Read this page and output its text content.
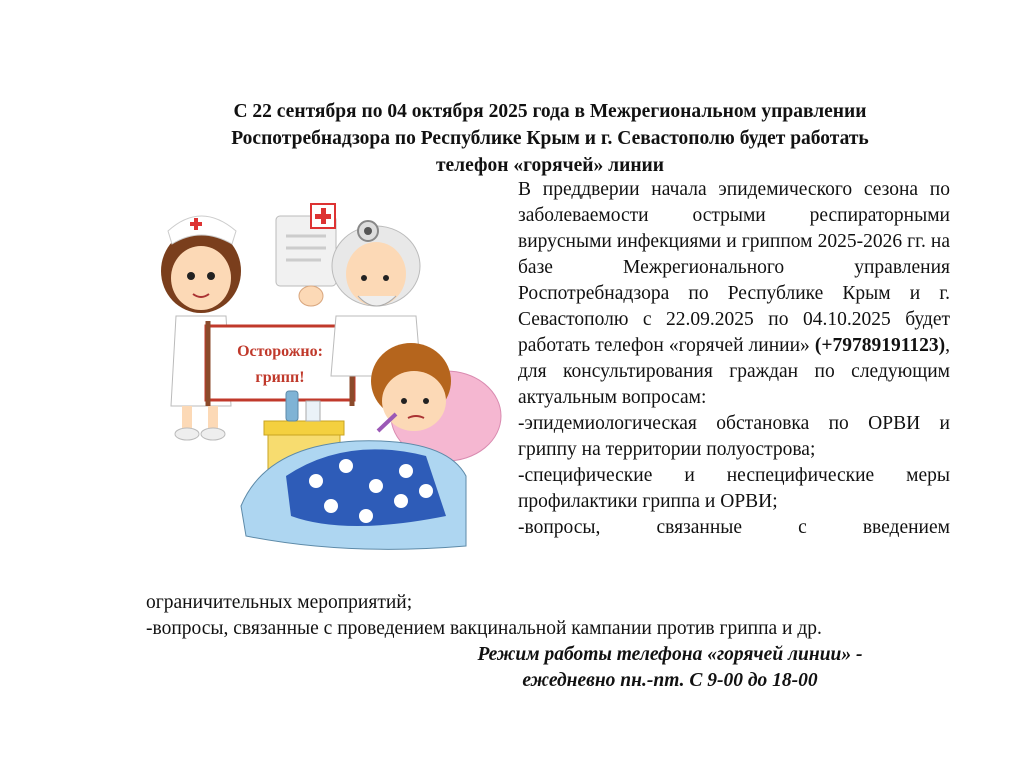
С 22 сентября по 04 октября 2025 года в Межрегиональном управлении
Роспотребнадзора по Республике Крым и г. Севастополю будет работать
телефон «горячей» линии
Осторожно:
грипп!

В преддверии начала эпидемического сезона по заболеваемости острыми респираторными вирусными инфекциями и гриппом 2025-2026 гг. на базе Межрегионального управления Роспотребнадзора по Республике Крым и г. Севастополю с 22.09.2025 по 04.10.2025 будет работать телефон «горячей линии» (+79789191123), для консультирования граждан по следующим актуальным вопросам:

-эпидемиологическая обстановка по ОРВИ и гриппу на территории полуострова;

-специфические и неспецифические меры профилактики гриппа и ОРВИ;

-вопросы, связанные с введением

ограничительных мероприятий;

-вопросы, связанные с проведением вакцинальной кампании против гриппа и др.

Режим работы телефона «горячей линии» -
ежедневно пн.-пт. С 9-00 до 18-00
